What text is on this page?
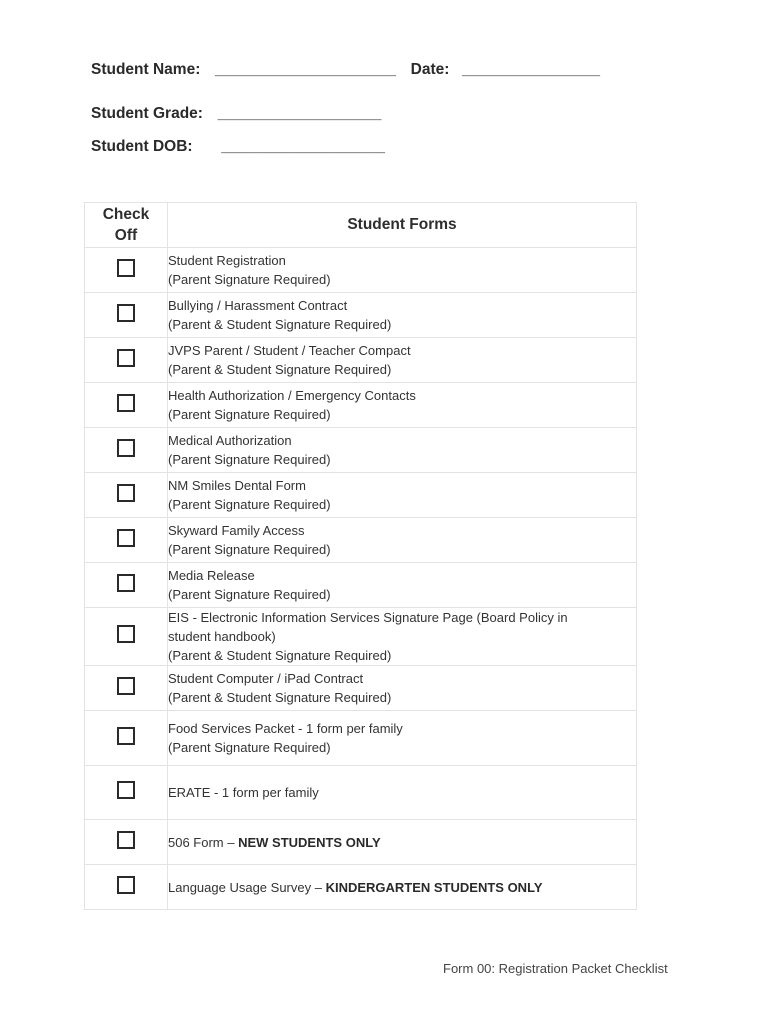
Student Name: _____________________ Date: ________________
Student Grade: ___________________
Student DOB: ___________________
Check
Off	Student Forms
	Student Registration
(Parent Signature Required)
	Bullying / Harassment Contract
(Parent & Student Signature Required)
	JVPS Parent / Student / Teacher Compact
(Parent & Student Signature Required)
	Health Authorization / Emergency Contacts
(Parent Signature Required)
	Medical Authorization
(Parent Signature Required)
	NM Smiles Dental Form
(Parent Signature Required)
	Skyward Family Access
(Parent Signature Required)
	Media Release
(Parent Signature Required)
	EIS - Electronic Information Services Signature Page (Board Policy in
student handbook)
(Parent & Student Signature Required)
	Student Computer / iPad Contract
(Parent & Student Signature Required)
	Food Services Packet - 1 form per family
(Parent Signature Required)
	ERATE - 1 form per family
	506 Form – NEW STUDENTS ONLY
	Language Usage Survey – KINDERGARTEN STUDENTS ONLY
Form 00: Registration Packet Checklist
